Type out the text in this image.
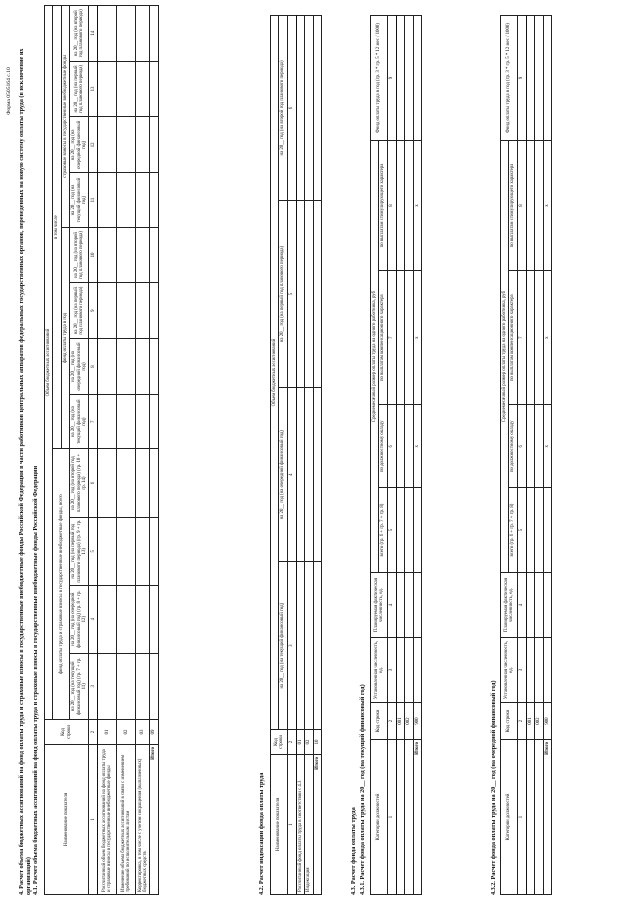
Форма 0505164 с.10 4. Расчет объема бюджетных ассигнований на фонд оплаты труда и страховые взносы в государственные внебюджетные фонды Российской Федерации в части работников центральных аппаратов федеральных государственных органов, переведенных на новую систему оплаты труда (в исключение их организаций) 4.1. Расчет объема бюджетных ассигнований на фонд оплаты труда и страховые взносы в государственные внебюджетные фонды Российской Федерации	Наименование показателя	Код строки	Объем бюджетных ассигнований											
		фонд оплаты труда и страховые взносы в государственные внебюджетные фонды, всего				в том числе							
						фонд оплаты труда в год				страховые взносы в государственные внебюджетные фонды			
		на 20__ год (на текущий финансовый год) (гр. 7 + гр. 11)	на 20__ год (на очередной финансовый год) (гр. 8 + гр. 12)	на 20__ год (на первый год планового периода) (гр. 9 + гр. 13)	на 20__ год (на второй год планового периода) (гр. 10 + гр. 14)	на 20__ год (на текущий финансовый год)	на 20__ год (на очередной финансовый год)	на 20__ год (на первый год планового периода)	на 20__ год (на второй год планового периода)	на 20__ год (на текущий финансовый год)	на 20__ год (на очередной финансовый год)	на 20__ год (на первый год планового периода)	на 20__ год (на второй год планового периода)
1	2	3	4	5	6	7	8	9	10	11	12	13	14
Рассчитанный объем бюджетных ассигнований на фонд оплаты труда и страховые взносы в государственные внебюджетные фонды	01												
Изменение объема бюджетных ассигнований в связи с изменением требований по исполнительным листам	02												
Корректировка, в том числе с учетом сокращения (выплаченных) бюджетных средств	03												
Итого	09												
4.2. Расчет индексации фонда оплаты труда Наименование показателя	Код строки	Объем бюджетных ассигнований			
		на 20__ год (на текущий финансовый год)	на 20__ год (на очередной финансовый год)	на 20__ год (на первый год планового периода)	на 20__ год (на второй год планового периода)
1	2	3	4	5	6
Рассчитанный фонд оплаты труда в соответствии с 4.3	01				
Индексация	02				
Итого	10				
4.3. Расчет фонда оплаты труда 4.3.1. Расчет фонда оплаты труда на 20__ год (на текущий финансовый год) Категории должностей	Код строки	Установленная численность, ед.	Планируемая фактическая численность, ед.	Среднемесячный размер оплаты труда на одного работника, руб				Фонд оплаты труда в год (гр. 3 * гр. 5 * 12 мес / 1000)
				всего (гр. 6 + гр. 7 + гр. 8)	по должностному окладу	по выплатам компенсационного характера	по выплатам стимулирующего характера	
1	2	3	4	5	6	7	8	9
	001							
	002							
Итого	900				x	x	x	
4.3.2. Расчет фонда оплаты труда на 20__ год (на очередной финансовый год) Категории должностей	Код строки	Установленная численность, ед.	Планируемая фактическая численность, ед.	Среднемесячный размер оплаты труда на одного работника, руб				Фонд оплаты труда в год (гр. 3 * гр. 5 * 12 мес / 1000)
				всего (гр. 6 + гр. 7 + гр. 8)	по должностному окладу	по выплатам компенсационного характера	по выплатам стимулирующего характера	
1	2	3	4	5	6	7	8	9
	001							
	002							
Итого	900				x	x	x	
